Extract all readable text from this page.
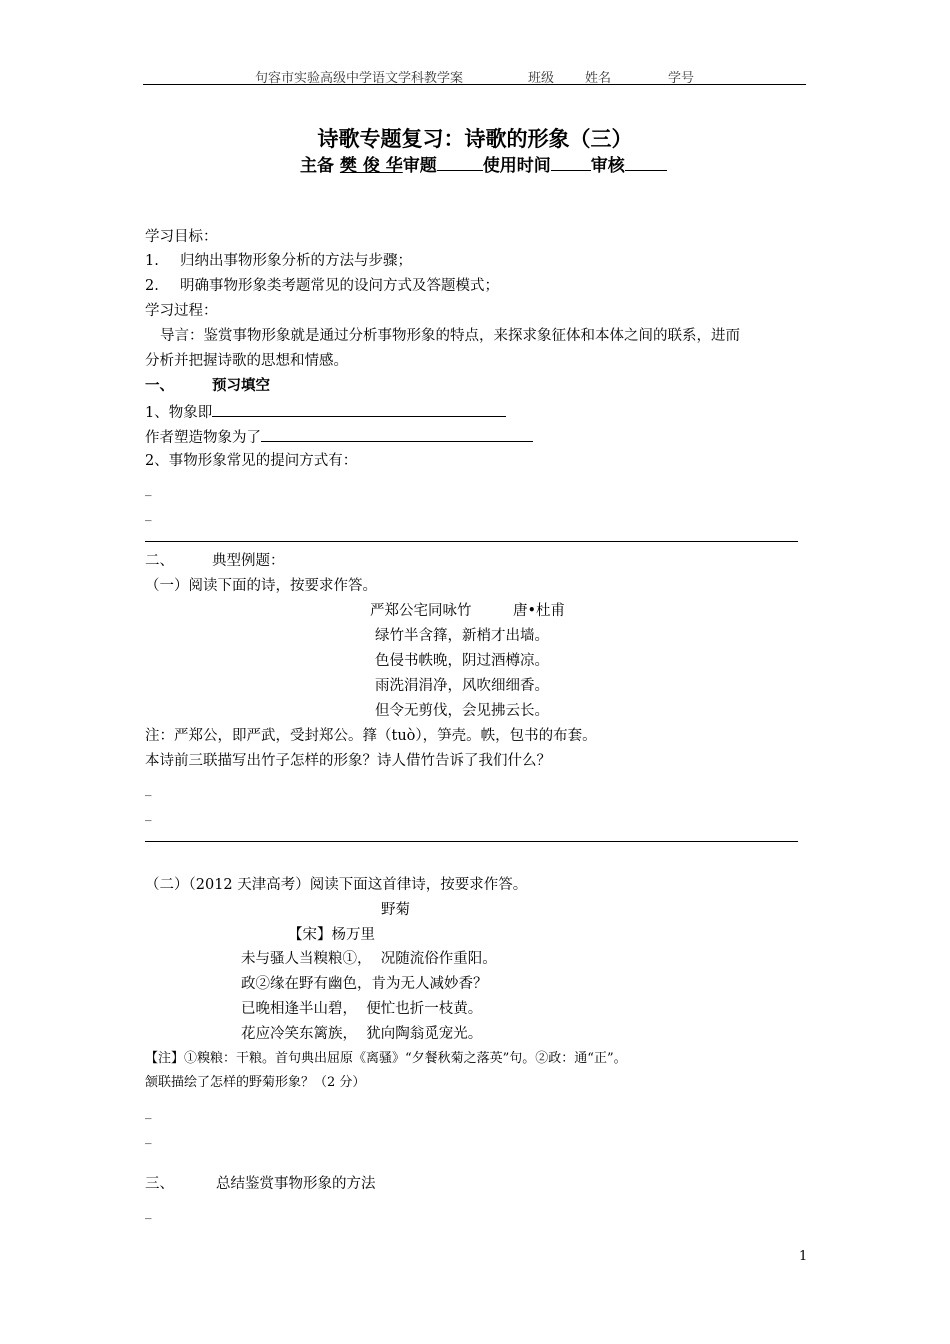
句容市实验高级中学语文学科教学案	班级 姓名	学号
诗歌专题复习：诗歌的形象（三）
主备 樊 俊 华审题	使用时间 审核
学习目标：
1. 归纳出事物形象分析的方法与步骤；
2. 明确事物形象类考题常见的设问方式及答题模式；
学习过程：
导言：鉴赏事物形象就是通过分析事物形象的特点，来探求象征体和本体之间的联系，进而
分析并把握诗歌的思想和情感。
一、	预习填空
1、物象即
作者塑造物象为了
2、事物形象常见的提问方式有：
_
_
二、	典型例题：
（一）阅读下面的诗，按要求作答。
严郑公宅同咏竹	唐•杜甫
绿竹半含箨，新梢才出墙。
色侵书帙晚，阴过酒樽凉。
雨洗涓涓净，风吹细细香。
但令无剪伐，会见拂云长。
注：严郑公，即严武，受封郑公。箨（tuò），笋壳。帙，包书的布套。
本诗前三联描写出竹子怎样的形象？诗人借竹告诉了我们什么？
_
_
（二）（2012 天津高考）阅读下面这首律诗，按要求作答。
野菊
【宋】杨万里
未与骚人当糗粮①，  况随流俗作重阳。
政②缘在野有幽色，肯为无人减妙香？
已晚相逢半山碧，  便忙也折一枝黄。
花应冷笑东篱族，  犹向陶翁觅宠光。
【注】①糗粮：干粮。首句典出屈原《离骚》“夕餐秋菊之落英”句。②政：通“正”。
颔联描绘了怎样的野菊形象？（2 分）
_
_
三、	总结鉴赏事物形象的方法
_
1
